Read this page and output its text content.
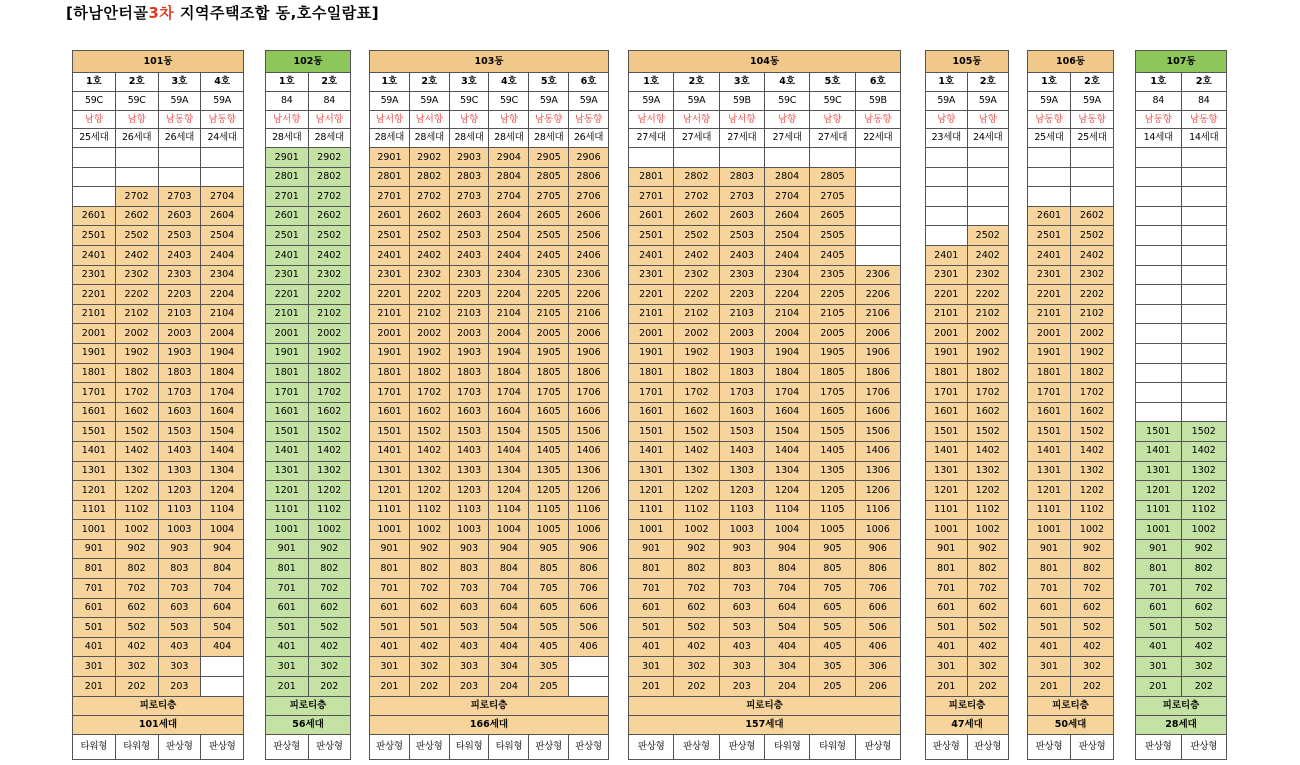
[하남안터골3차 지역주택조합 동,호수일람표]
101동			
1호	2호	3호	4호
59C	59C	59A	59A
남향	남향	남동향	남동향
25세대	26세대	26세대	24세대

	2702	2703	2704
2601	2602	2603	2604
2501	2502	2503	2504
2401	2402	2403	2404
2301	2302	2303	2304
2201	2202	2203	2204
2101	2102	2103	2104
2001	2002	2003	2004
1901	1902	1903	1904
1801	1802	1803	1804
1701	1702	1703	1704
1601	1602	1603	1604
1501	1502	1503	1504
1401	1402	1403	1404
1301	1302	1303	1304
1201	1202	1203	1204
1101	1102	1103	1104
1001	1002	1003	1004
901	902	903	904
801	802	803	804
701	702	703	704
601	602	603	604
501	502	503	504
401	402	403	404
301	302	303	
201	202	203	
피로티층			
101세대			
타워형	타워형	판상형	판상형
102동	
1호	2호
84	84
남서향	남서향
28세대	28세대
2901	2902
2801	2802
2701	2702
2601	2602
2501	2502
2401	2402
2301	2302
2201	2202
2101	2102
2001	2002
1901	1902
1801	1802
1701	1702
1601	1602
1501	1502
1401	1402
1301	1302
1201	1202
1101	1102
1001	1002
901	902
801	802
701	702
601	602
501	502
401	402
301	302
201	202
피로티층	
56세대	
판상형	판상형
103동					
1호	2호	3호	4호	5호	6호
59A	59A	59C	59C	59A	59A
남서향	남서향	남향	남향	남동향	남동향
28세대	28세대	28세대	28세대	28세대	26세대
2901	2902	2903	2904	2905	2906
2801	2802	2803	2804	2805	2806
2701	2702	2703	2704	2705	2706
2601	2602	2603	2604	2605	2606
2501	2502	2503	2504	2505	2506
2401	2402	2403	2404	2405	2406
2301	2302	2303	2304	2305	2306
2201	2202	2203	2204	2205	2206
2101	2102	2103	2104	2105	2106
2001	2002	2003	2004	2005	2006
1901	1902	1903	1904	1905	1906
1801	1802	1803	1804	1805	1806
1701	1702	1703	1704	1705	1706
1601	1602	1603	1604	1605	1606
1501	1502	1503	1504	1505	1506
1401	1402	1403	1404	1405	1406
1301	1302	1303	1304	1305	1306
1201	1202	1203	1204	1205	1206
1101	1102	1103	1104	1105	1106
1001	1002	1003	1004	1005	1006
901	902	903	904	905	906
801	802	803	804	805	806
701	702	703	704	705	706
601	602	603	604	605	606
501	501	503	504	505	506
401	402	403	404	405	406
301	302	303	304	305	
201	202	203	204	205	
피로티층					
166세대					
판상형	판상형	타워형	타워형	판상형	판상형
104동					
1호	2호	3호	4호	5호	6호
59A	59A	59B	59C	59C	59B
남서향	남서향	남서향	남향	남향	남동향
27세대	27세대	27세대	27세대	27세대	22세대

2801	2802	2803	2804	2805	
2701	2702	2703	2704	2705	
2601	2602	2603	2604	2605	
2501	2502	2503	2504	2505	
2401	2402	2403	2404	2405	
2301	2302	2303	2304	2305	2306
2201	2202	2203	2204	2205	2206
2101	2102	2103	2104	2105	2106
2001	2002	2003	2004	2005	2006
1901	1902	1903	1904	1905	1906
1801	1802	1803	1804	1805	1806
1701	1702	1703	1704	1705	1706
1601	1602	1603	1604	1605	1606
1501	1502	1503	1504	1505	1506
1401	1402	1403	1404	1405	1406
1301	1302	1303	1304	1305	1306
1201	1202	1203	1204	1205	1206
1101	1102	1103	1104	1105	1106
1001	1002	1003	1004	1005	1006
901	902	903	904	905	906
801	802	803	804	805	806
701	702	703	704	705	706
601	602	603	604	605	606
501	502	503	504	505	506
401	402	403	404	405	406
301	302	303	304	305	306
201	202	203	204	205	206
피로티층					
157세대					
판상형	판상형	판상형	타워형	타워형	판상형
105동	
1호	2호
59A	59A
남향	남향
23세대	24세대

	2502
2401	2402
2301	2302
2201	2202
2101	2102
2001	2002
1901	1902
1801	1802
1701	1702
1601	1602
1501	1502
1401	1402
1301	1302
1201	1202
1101	1102
1001	1002
901	902
801	802
701	702
601	602
501	502
401	402
301	302
201	202
피로티층	
47세대	
판상형	판상형
106동	
1호	2호
59A	59A
남동향	남동향
25세대	25세대

2601	2602
2501	2502
2401	2402
2301	2302
2201	2202
2101	2102
2001	2002
1901	1902
1801	1802
1701	1702
1601	1602
1501	1502
1401	1402
1301	1302
1201	1202
1101	1102
1001	1002
901	902
801	802
701	702
601	602
501	502
401	402
301	302
201	202
피로티층	
50세대	
판상형	판상형
107동	
1호	2호
84	84
남동향	남동향
14세대	14세대

1501	1502
1401	1402
1301	1302
1201	1202
1101	1102
1001	1002
901	902
801	802
701	702
601	602
501	502
401	402
301	302
201	202
피로티층	
28세대	
판상형	판상형
